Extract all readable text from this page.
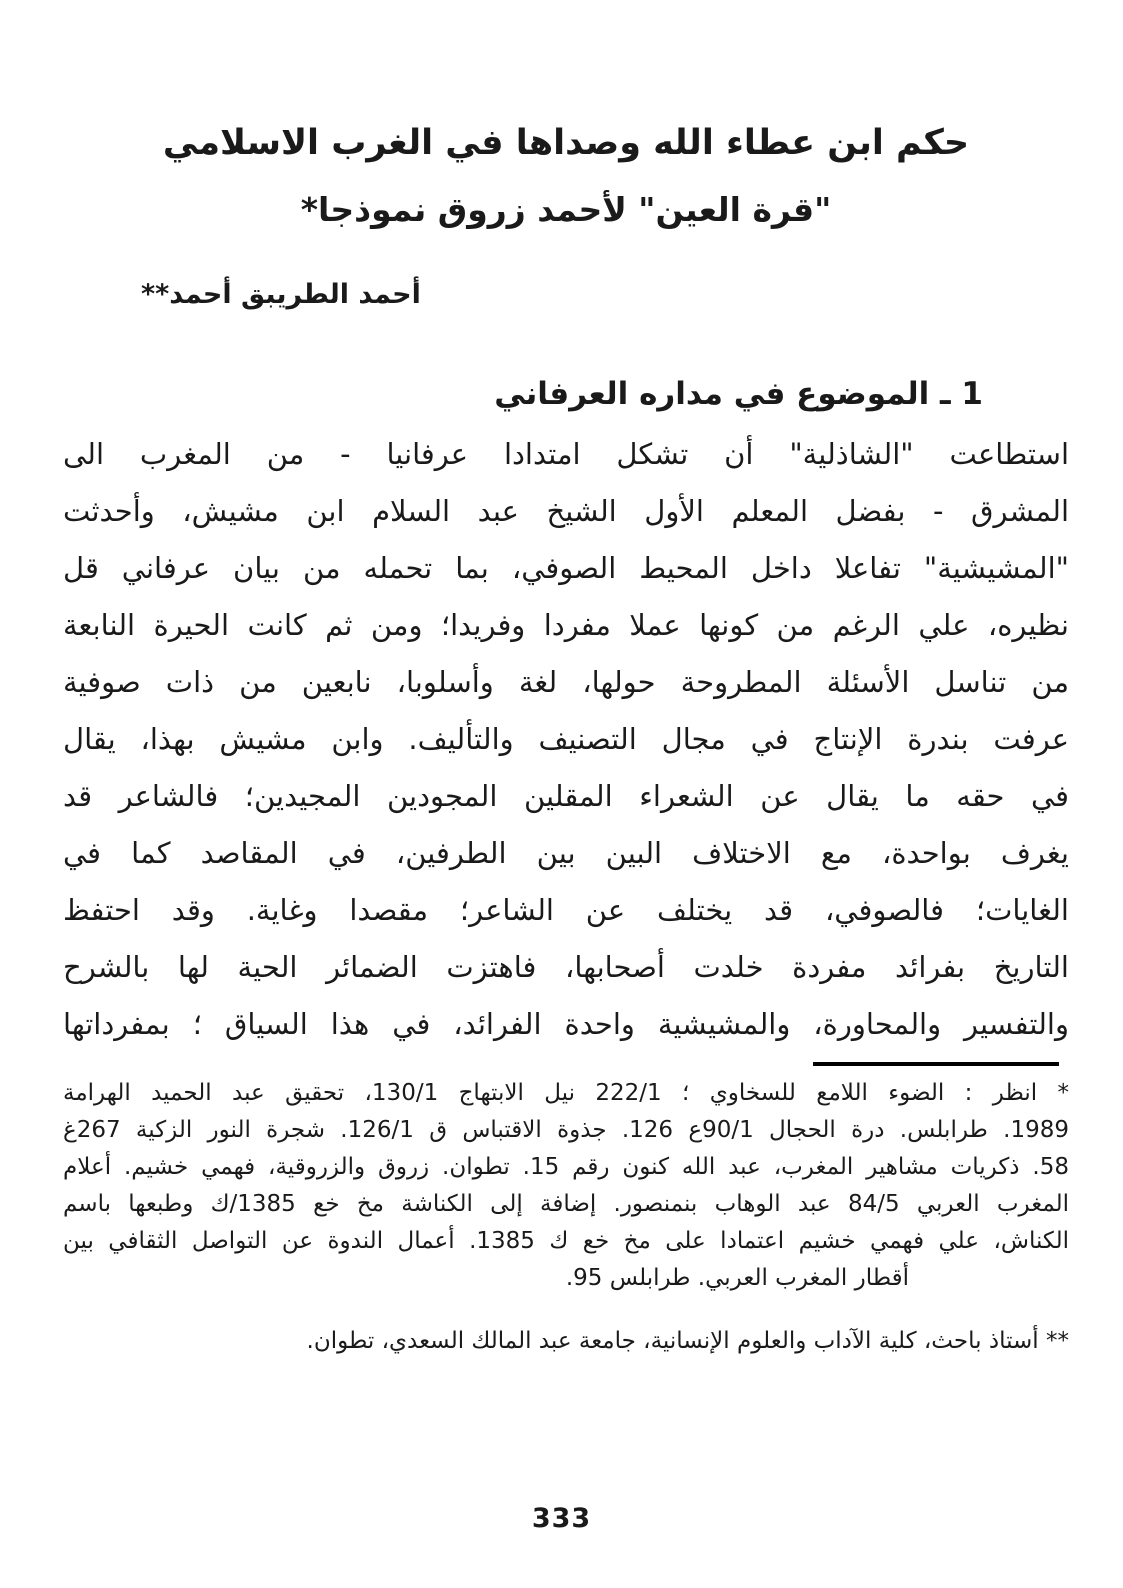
حكم ابن عطاء الله وصداها في الغرب الاسلامي
"قرة العين" لأحمد زروق نموذجا*
أحمد الطريبق أحمد**
1 ـ الموضوع في مداره العرفاني
استطاعت "الشاذلية" أن تشكل امتدادا عرفانيا - من المغرب الى
المشرق - بفضل المعلم الأول الشيخ عبد السلام ابن مشيش، وأحدثت
"المشيشية" تفاعلا داخل المحيط الصوفي، بما تحمله من بيان عرفاني قل
نظيره، علي الرغم من كونها عملا مفردا وفريدا؛ ومن ثم كانت الحيرة النابعة
من تناسل الأسئلة المطروحة حولها، لغة وأسلوبا، نابعين من ذات صوفية
عرفت بندرة الإنتاج في مجال التصنيف والتأليف. وابن مشيش بهذا، يقال
في حقه ما يقال عن الشعراء المقلين المجودين المجيدين؛ فالشاعر قد
يغرف بواحدة، مع الاختلاف البين بين الطرفين، في المقاصد كما في
الغايات؛ فالصوفي، قد يختلف عن الشاعر؛ مقصدا وغاية. وقد احتفظ
التاريخ بفرائد مفردة خلدت أصحابها، فاهتزت الضمائر الحية لها بالشرح
والتفسير والمحاورة، والمشيشية واحدة الفرائد، في هذا السياق ؛ بمفرداتها
* انظر : الضوء اللامع للسخاوي ؛ 222/1 نيل الابتهاج 130/1، تحقيق عبد الحميد الهرامة
1989. طرابلس. درة الحجال 90/1ع 126. جذوة الاقتباس ق 126/1. شجرة النور الزكية 267غ
58. ذكريات مشاهير المغرب، عبد الله كنون رقم 15. تطوان. زروق والزروقية، فهمي خشيم. أعلام
المغرب العربي 84/5 عبد الوهاب بنمنصور. إضافة إلى الكناشة مخ خع 1385/ك وطبعها باسم
الكناش، علي فهمي خشيم اعتمادا على مخ خع ك 1385. أعمال الندوة عن التواصل الثقافي بين
أقطار المغرب العربي. طرابلس 95.
** أستاذ باحث، كلية الآداب والعلوم الإنسانية، جامعة عبد المالك السعدي، تطوان.
333
